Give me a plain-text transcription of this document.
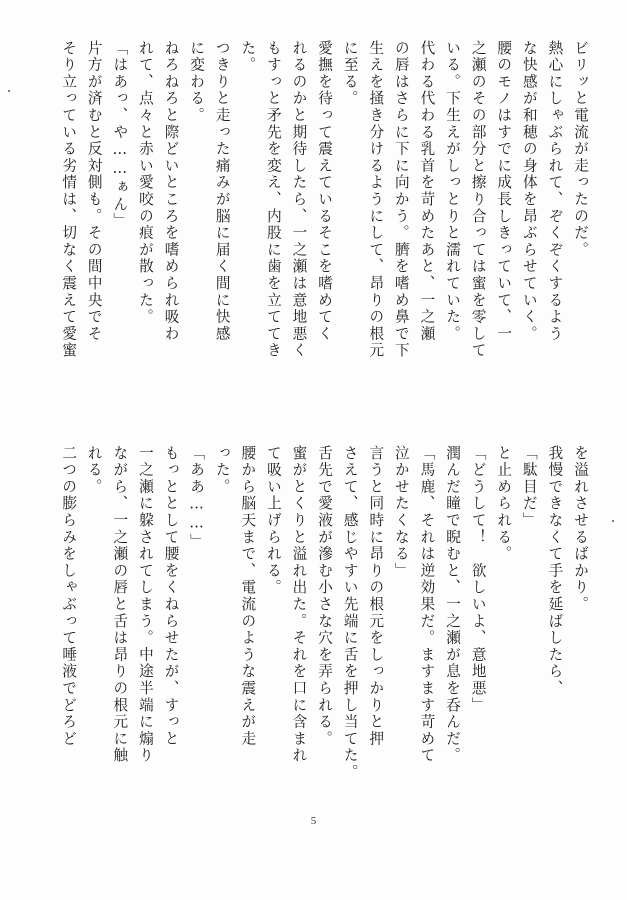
ビリッと電流が走ったのだ。
熱心にしゃぶられて、ぞくぞくするよう
な快感が和穂の身体を昂ぶらせていく。
腰のモノはすでに成長しきっていて、一
之瀬のその部分と擦り合っては蜜を零して
いる。下生えがしっとりと濡れていた。
代わる代わる乳首を苛めたあと、一之瀬
の唇はさらに下に向かう。臍を嗜め鼻で下
生えを掻き分けるようにして、昂りの根元
に至る。
愛撫を待って震えているそこを嗜めてく
れるのかと期待したら、一之瀬は意地悪く
もすっと矛先を変え、内股に歯を立ててき
た。
つきりと走った痛みが脳に届く間に快感
に変わる。
ねろねろと際どいところを嗜められ吸わ
れて、点々と赤い愛咬の痕が散った。
「はあっ、や……ぁん」
片方が済むと反対側も。その間中央でそ
そり立っている劣情は、切なく震えて愛蜜
を溢れさせるばかり。
我慢できなくて手を延ばしたら、
「駄目だ」
と止められる。
「どうして！　欲しいよ、意地悪」
潤んだ瞳で睨むと、一之瀬が息を呑んだ。
「馬鹿、それは逆効果だ。ますます苛めて
泣かせたくなる」
言うと同時に昂りの根元をしっかりと押
さえて、感じやすい先端に舌を押し当てた。
舌先で愛液が滲む小さな穴を弄られる。
蜜がとくりと溢れ出た。それを口に含まれ
て吸い上げられる。
腰から脳天まで、電流のような震えが走
った。
「ああ……」
もっととして腰をくねらせたが、すっと
一之瀬に躱されてしまう。中途半端に煽り
ながら、一之瀬の唇と舌は昂りの根元に触
れる。
二つの膨らみをしゃぶって唾液でどろど
5
